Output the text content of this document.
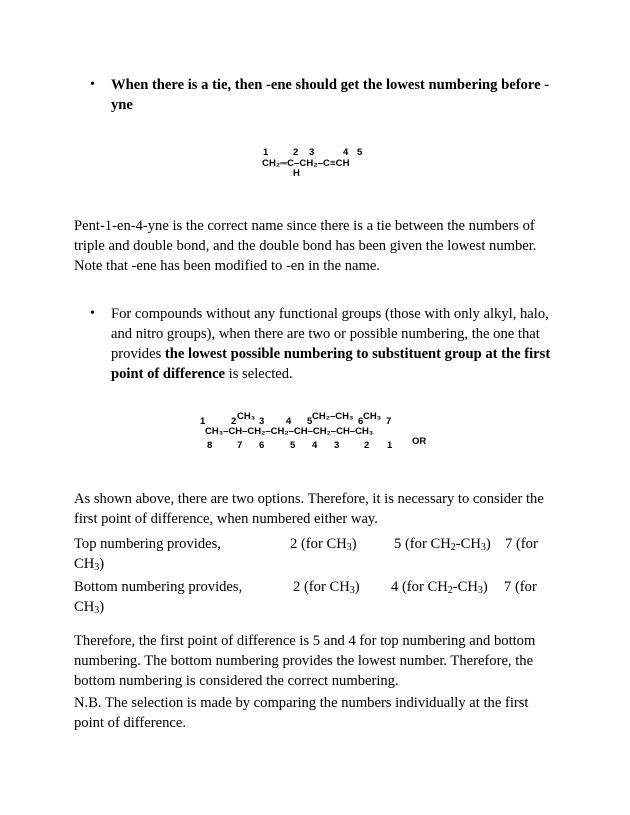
•	When there is a tie, then -ene should get the lowest numbering before -
yne
1	2 3	4 5
CH₂═C–CH₂–C≡CH
H
Pent-1-en-4-yne is the correct name since there is a tie between the numbers of
triple and double bond, and the double bond has been given the lowest number.
Note that -ene has been modified to -en in the name.
•	For compounds without any functional groups (those with only alkyl, halo,
and nitro groups), when there are two or possible numbering, the one that
provides the lowest possible numbering to substituent group at the first
point of difference is selected.
1	2 CH₃ 3 4 5 CH₂–CH₃ 6 CH₃ 7
CH₃–CH–CH₂–CH₂–CH–CH₂–CH–CH₃
8	7 6	5 4 3	2 1 OR
As shown above, there are two options. Therefore, it is necessary to consider the
first point of difference, when numbered either way.
Top numbering provides,	2 (for $CH_3$)	5 (for $CH_2-CH_3$) 7 (for
$CH_3$)
Bottom numbering provides,	2 (for $CH_3$) 4 (for $CH_2-CH_3$) 7 (for
$CH_3$)
Therefore, the first point of difference is 5 and 4 for top numbering and bottom
numbering. The bottom numbering provides the lowest number. Therefore, the
bottom numbering is considered the correct numbering.
N.B. The selection is made by comparing the numbers individually at the first
point of difference.
